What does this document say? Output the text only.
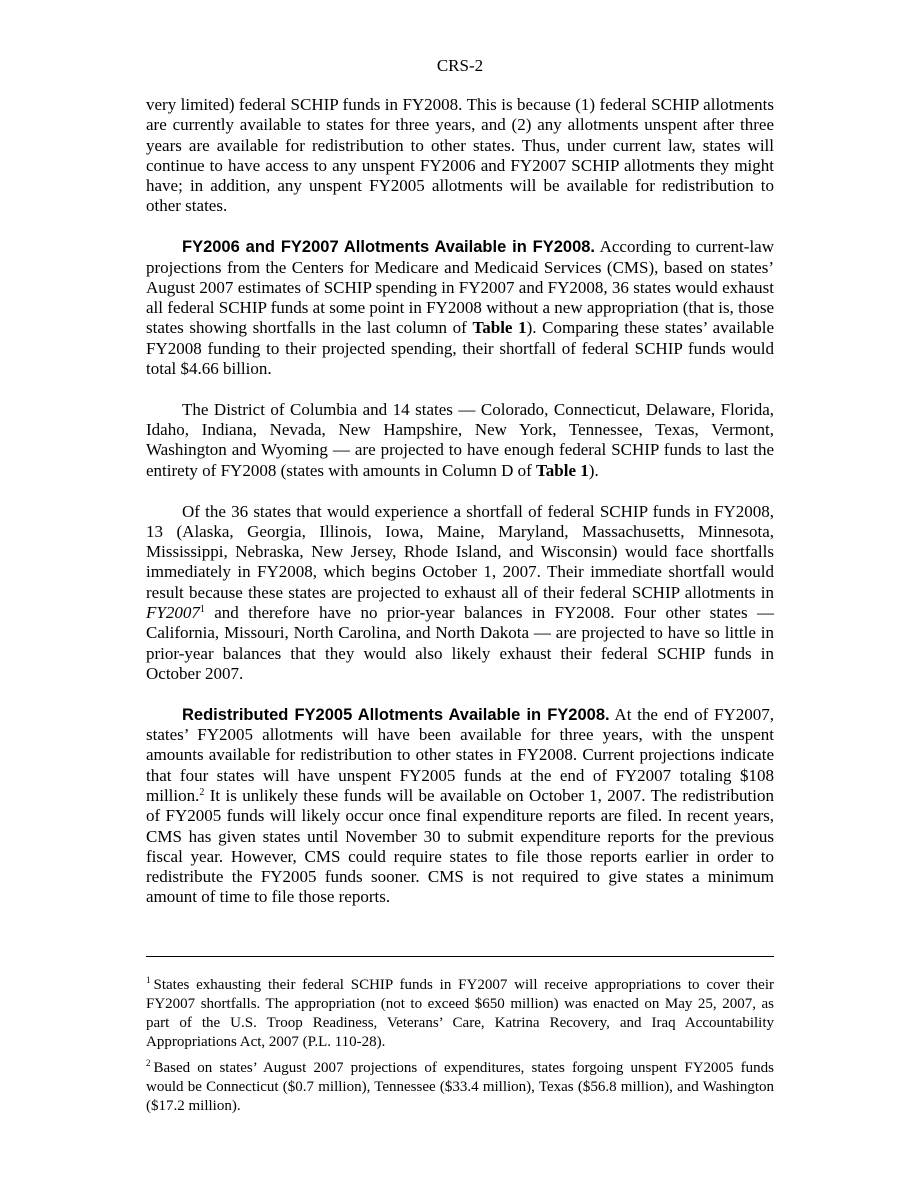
CRS-2

very limited) federal SCHIP funds in FY2008. This is because (1) federal SCHIP allotments are currently available to states for three years, and (2) any allotments unspent after three years are available for redistribution to other states. Thus, under current law, states will continue to have access to any unspent FY2006 and FY2007 SCHIP allotments they might have; in addition, any unspent FY2005 allotments will be available for redistribution to other states.

FY2006 and FY2007 Allotments Available in FY2008. According to current-law projections from the Centers for Medicare and Medicaid Services (CMS), based on states’ August 2007 estimates of SCHIP spending in FY2007 and FY2008, 36 states would exhaust all federal SCHIP funds at some point in FY2008 without a new appropriation (that is, those states showing shortfalls in the last column of Table 1). Comparing these states’ available FY2008 funding to their projected spending, their shortfall of federal SCHIP funds would total $4.66 billion.

The District of Columbia and 14 states — Colorado, Connecticut, Delaware, Florida, Idaho, Indiana, Nevada, New Hampshire, New York, Tennessee, Texas, Vermont, Washington and Wyoming — are projected to have enough federal SCHIP funds to last the entirety of FY2008 (states with amounts in Column D of Table 1).

Of the 36 states that would experience a shortfall of federal SCHIP funds in FY2008, 13 (Alaska, Georgia, Illinois, Iowa, Maine, Maryland, Massachusetts, Minnesota, Mississippi, Nebraska, New Jersey, Rhode Island, and Wisconsin) would face shortfalls immediately in FY2008, which begins October 1, 2007. Their immediate shortfall would result because these states are projected to exhaust all of their federal SCHIP allotments in FY2007$^1$ and therefore have no prior-year balances in FY2008. Four other states — California, Missouri, North Carolina, and North Dakota — are projected to have so little in prior-year balances that they would also likely exhaust their federal SCHIP funds in October 2007.

Redistributed FY2005 Allotments Available in FY2008. At the end of FY2007, states’ FY2005 allotments will have been available for three years, with the unspent amounts available for redistribution to other states in FY2008. Current projections indicate that four states will have unspent FY2005 funds at the end of FY2007 totaling $108 million.$^2$ It is unlikely these funds will be available on October 1, 2007. The redistribution of FY2005 funds will likely occur once final expenditure reports are filed. In recent years, CMS has given states until November 30 to submit expenditure reports for the previous fiscal year. However, CMS could require states to file those reports earlier in order to redistribute the FY2005 funds sooner. CMS is not required to give states a minimum amount of time to file those reports.

$^1$ States exhausting their federal SCHIP funds in FY2007 will receive appropriations to cover their FY2007 shortfalls. The appropriation (not to exceed $650 million) was enacted on May 25, 2007, as part of the U.S. Troop Readiness, Veterans’ Care, Katrina Recovery, and Iraq Accountability Appropriations Act, 2007 (P.L. 110-28).

$^2$ Based on states’ August 2007 projections of expenditures, states forgoing unspent FY2005 funds would be Connecticut ($0.7 million), Tennessee ($33.4 million), Texas ($56.8 million), and Washington ($17.2 million).
